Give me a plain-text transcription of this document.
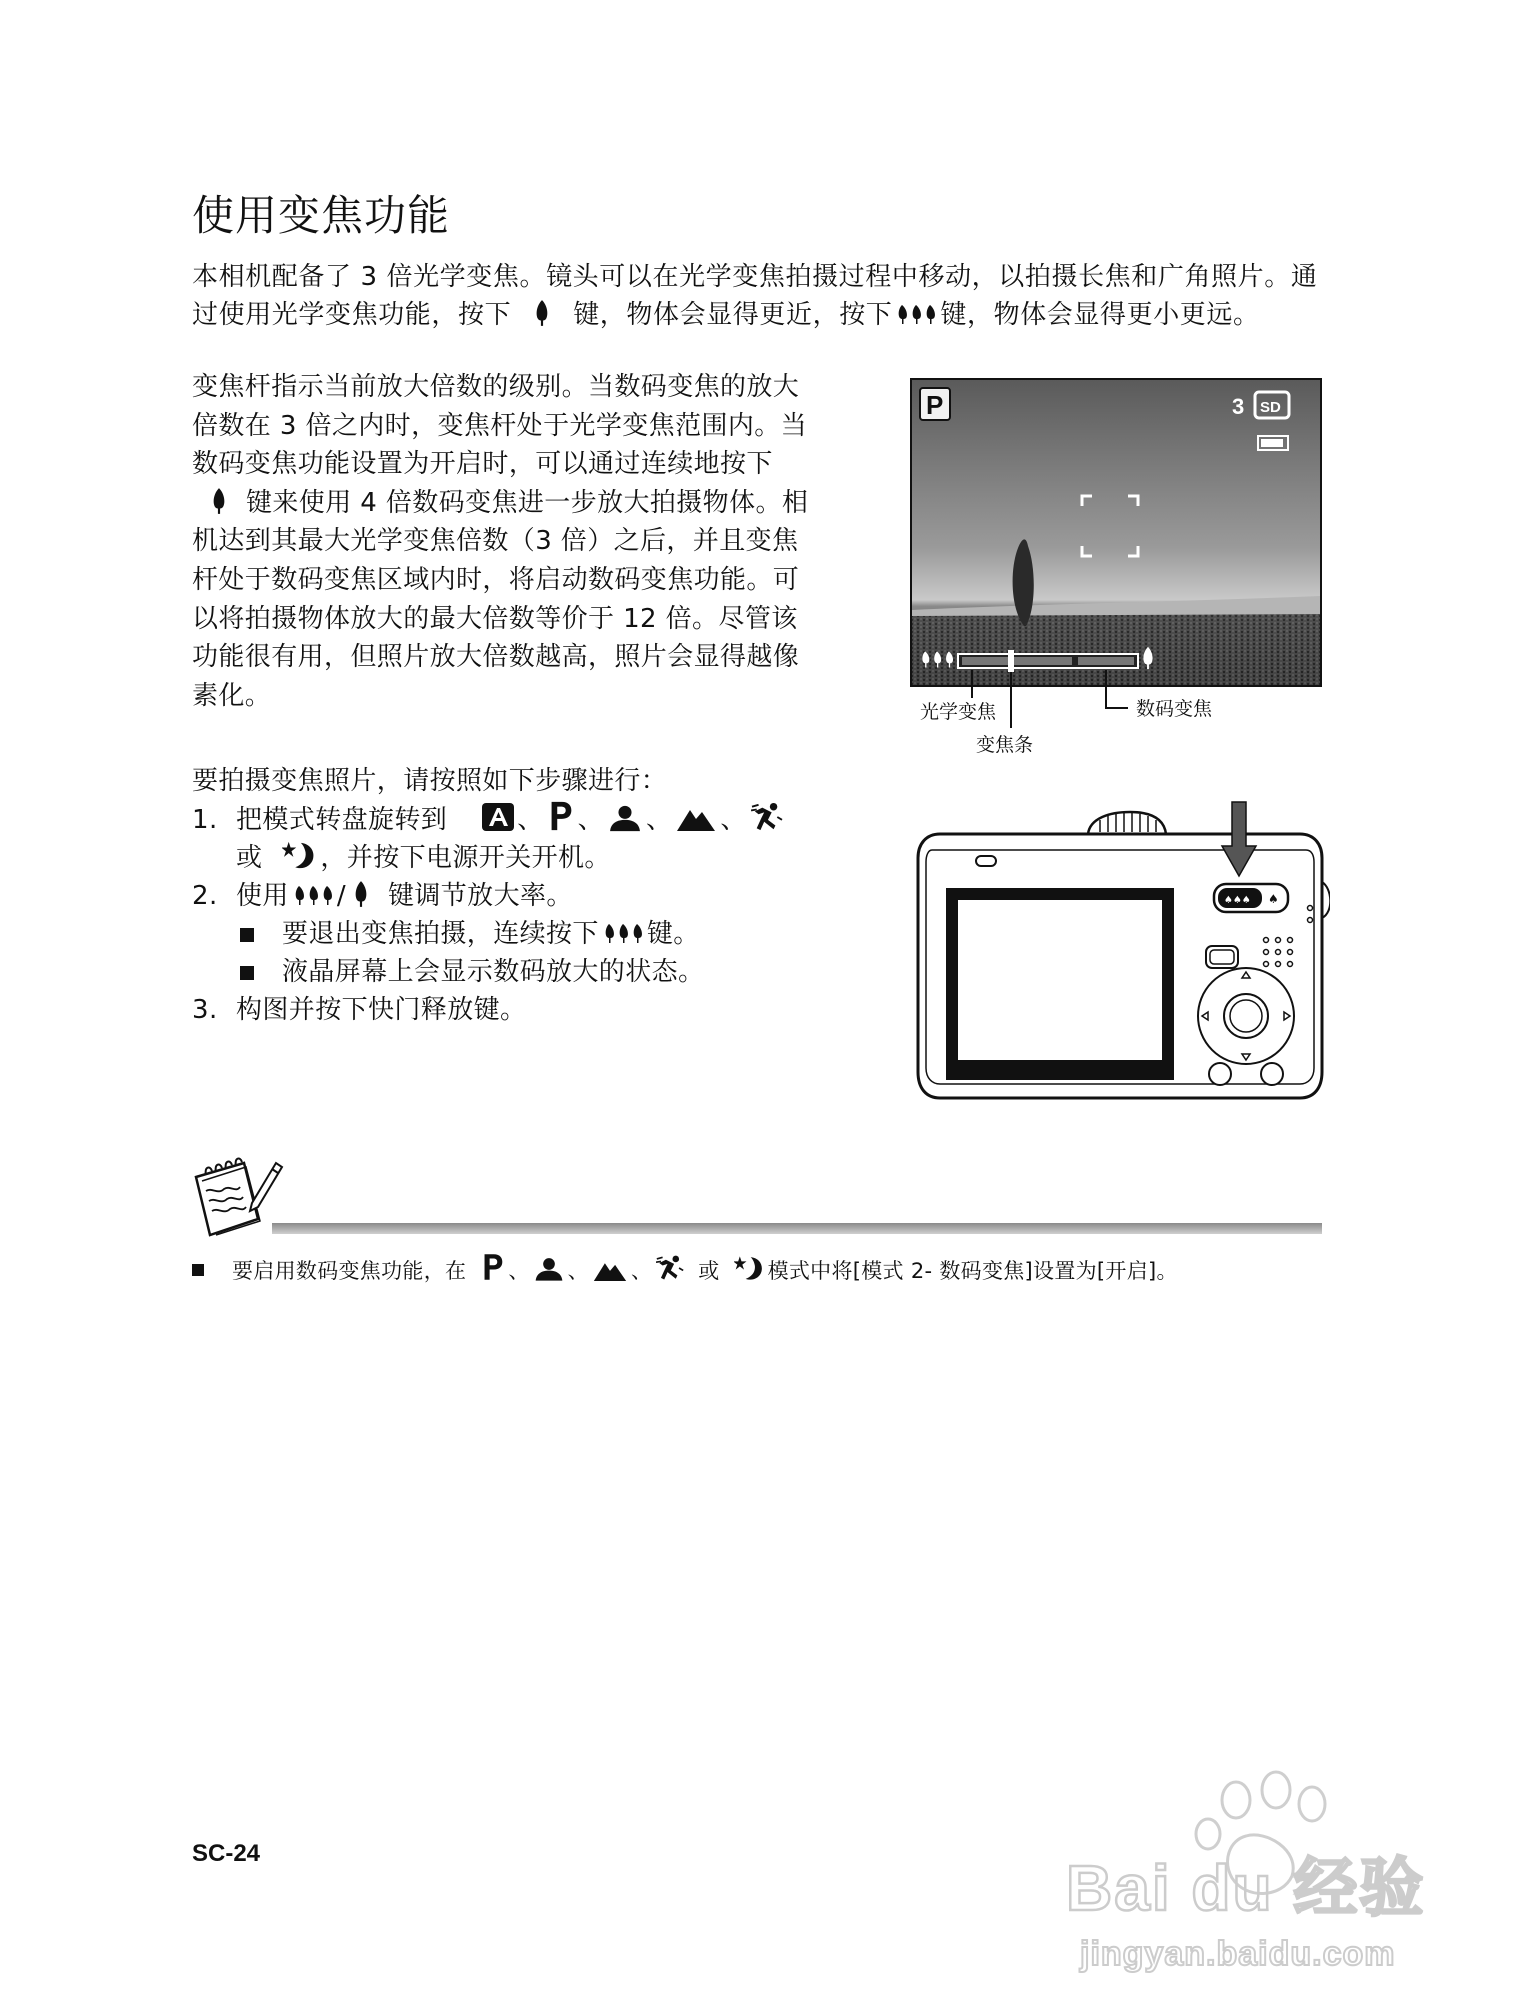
使用变焦功能
本相机配备了 3 倍光学变焦。镜头可以在光学变焦拍摄过程中移动，以拍摄长焦和广角照片。通过使用光学变焦功能，按下 键，物体会显得更近，按下 键，物体会显得更小更远。
变焦杆指示当前放大倍数的级别。当数码变焦的放大倍数在 3 倍之内时，变焦杆处于光学变焦范围内。当数码变焦功能设置为开启时，可以通过连续地按下键来使用 4 倍数码变焦进一步放大拍摄物体。相机达到其最大光学变焦倍数（3 倍）之后，并且变焦杆处于数码变焦区域内时，将启动数码变焦功能。可以将拍摄物体放大的最大倍数等价于 12 倍。尽管该功能很有用，但照片放大倍数越高，照片会显得越像素化。
要拍摄变焦照片，请按照如下步骤进行：
1. 把模式转盘旋转到	、 、 、 、
或 ，并按下电源开关开机。
2. 使用 / 键调节放大率。
要退出变焦拍摄，连续按下 键。
液晶屏幕上会显示数码放大的状态。
3. 构图并按下快门释放键。
P	3 SD
光学变焦
变焦条
数码变焦
♠♠♠ ♠
要启用数码变焦功能，在 、 、 、 或 模式中将[模式 2- 数码变焦]设置为[开启]。
SC-24	Bai du 经验
jingyan.baidu.com
